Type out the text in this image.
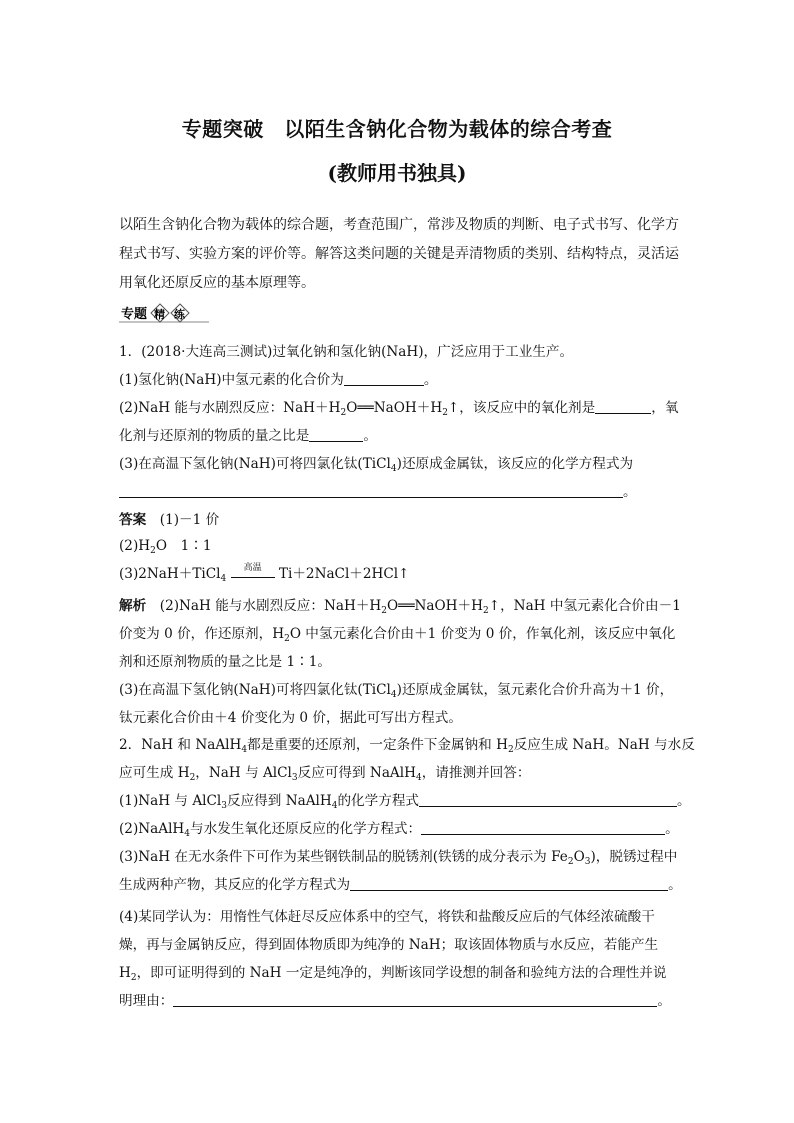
专题突破　以陌生含钠化合物为载体的综合考查
(教师用书独具)
以陌生含钠化合物为载体的综合题，考查范围广，常涉及物质的判断、电子式书写、化学方程式书写、实验方案的评价等。解答这类问题的关键是弄清物质的类别、结构特点，灵活运用氧化还原反应的基本原理等。
专题 精 练
1．(2018·大连高三测试)过氧化钠和氢化钠(NaH)，广泛应用于工业生产。
(1)氢化钠(NaH)中氢元素的化合价为	。
(2)NaH 能与水剧烈反应：$NaH+H_2O══NaOH+H_2↑$，该反应中的氧化剂是	，氧
化剂与还原剂的物质的量之比是	。
(3)在高温下氢化钠(NaH)可将四氯化钛(TiCl$_4$)还原成金属钛，该反应的化学方程式为
。
答案　 (1)－1 价
$(2)H_2O$　1∶1
(3)2NaH＋TiCl$_4$
高温	Ti＋2NaCl＋2HCl↑
解析　 (2)NaH 能与水剧烈反应：$NaH+H_2O══NaOH+H_2↑$，NaH 中氢元素化合价由－1
价变为 0 价，作还原剂，$H_2O$ 中氢元素化合价由＋1 价变为 0 价，作氧化剂，该反应中氧化
剂和还原剂物质的量之比是 1∶1。
(3)在高温下氢化钠(NaH)可将四氯化钛(TiCl$_4$)还原成金属钛，氢元素化合价升高为＋1 价，
钛元素化合价由＋4 价变化为 0 价，据此可写出方程式。
2．NaH 和 NaAlH$_4$都是重要的还原剂，一定条件下金属钠和 $H_2$反应生成 NaH。NaH 与水反
应可生成 $H_2$，NaH 与 AlCl$_3$反应可得到 NaAlH$_4$，请推测并回答：
(1)NaH 与 AlCl$_3$反应得到 NaAlH$_4$的化学方程式	。
(2)NaAlH$_4$与水发生氧化还原反应的化学方程式：	。
(3)NaH 在无水条件下可作为某些钢铁制品的脱锈剂(铁锈的成分表示为 $Fe_2O_3$)，脱锈过程中
生成两种产物，其反应的化学方程式为	。
(4)某同学认为：用惰性气体赶尽反应体系中的空气，将铁和盐酸反应后的气体经浓硫酸干
燥，再与金属钠反应，得到固体物质即为纯净的 NaH；取该固体物质与水反应，若能产生
$H_2$，即可证明得到的 NaH 一定是纯净的，判断该同学设想的制备和验纯方法的合理性并说
明理由：	。
